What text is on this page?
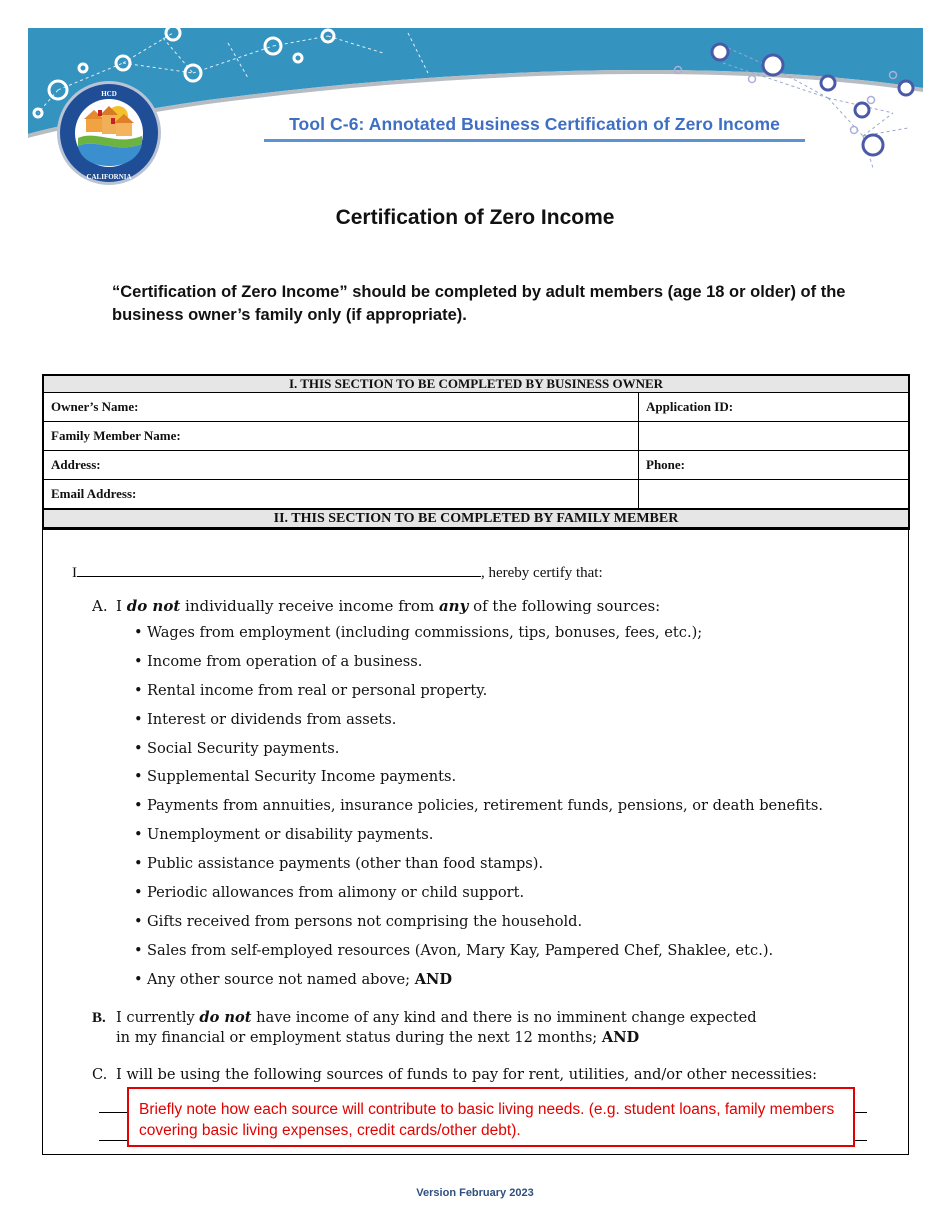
HCD
CALIFORNIA
Tool C-6: Annotated Business Certification of Zero Income
Certification of Zero Income
“Certification of Zero Income” should be completed by adult members (age 18 or older) of the business owner’s family only (if appropriate).
I. THIS SECTION TO BE COMPLETED BY BUSINESS OWNER	
Owner’s Name:	Application ID:
Family Member Name:	
Address:	Phone:
Email Address:	
II. THIS SECTION TO BE COMPLETED BY FAMILY MEMBER	
I	, hereby certify that:
A. I do not individually receive income from any of the following sources:
• Wages from employment (including commissions, tips, bonuses, fees, etc.);
• Income from operation of a business.
• Rental income from real or personal property.
• Interest or dividends from assets.
• Social Security payments.
• Supplemental Security Income payments.
• Payments from annuities, insurance policies, retirement funds, pensions, or death benefits.
• Unemployment or disability payments.
• Public assistance payments (other than food stamps).
• Periodic allowances from alimony or child support.
• Gifts received from persons not comprising the household.
• Sales from self-employed resources (Avon, Mary Kay, Pampered Chef, Shaklee, etc.).
• Any other source not named above; AND
B. I currently do not have income of any kind and there is no imminent change expected
in my financial or employment status during the next 12 months; AND
C. I will be using the following sources of funds to pay for rent, utilities, and/or other necessities:
Briefly note how each source will contribute to basic living needs. (e.g. student loans, family members covering basic living expenses, credit cards/other debt).
Version February 2023
